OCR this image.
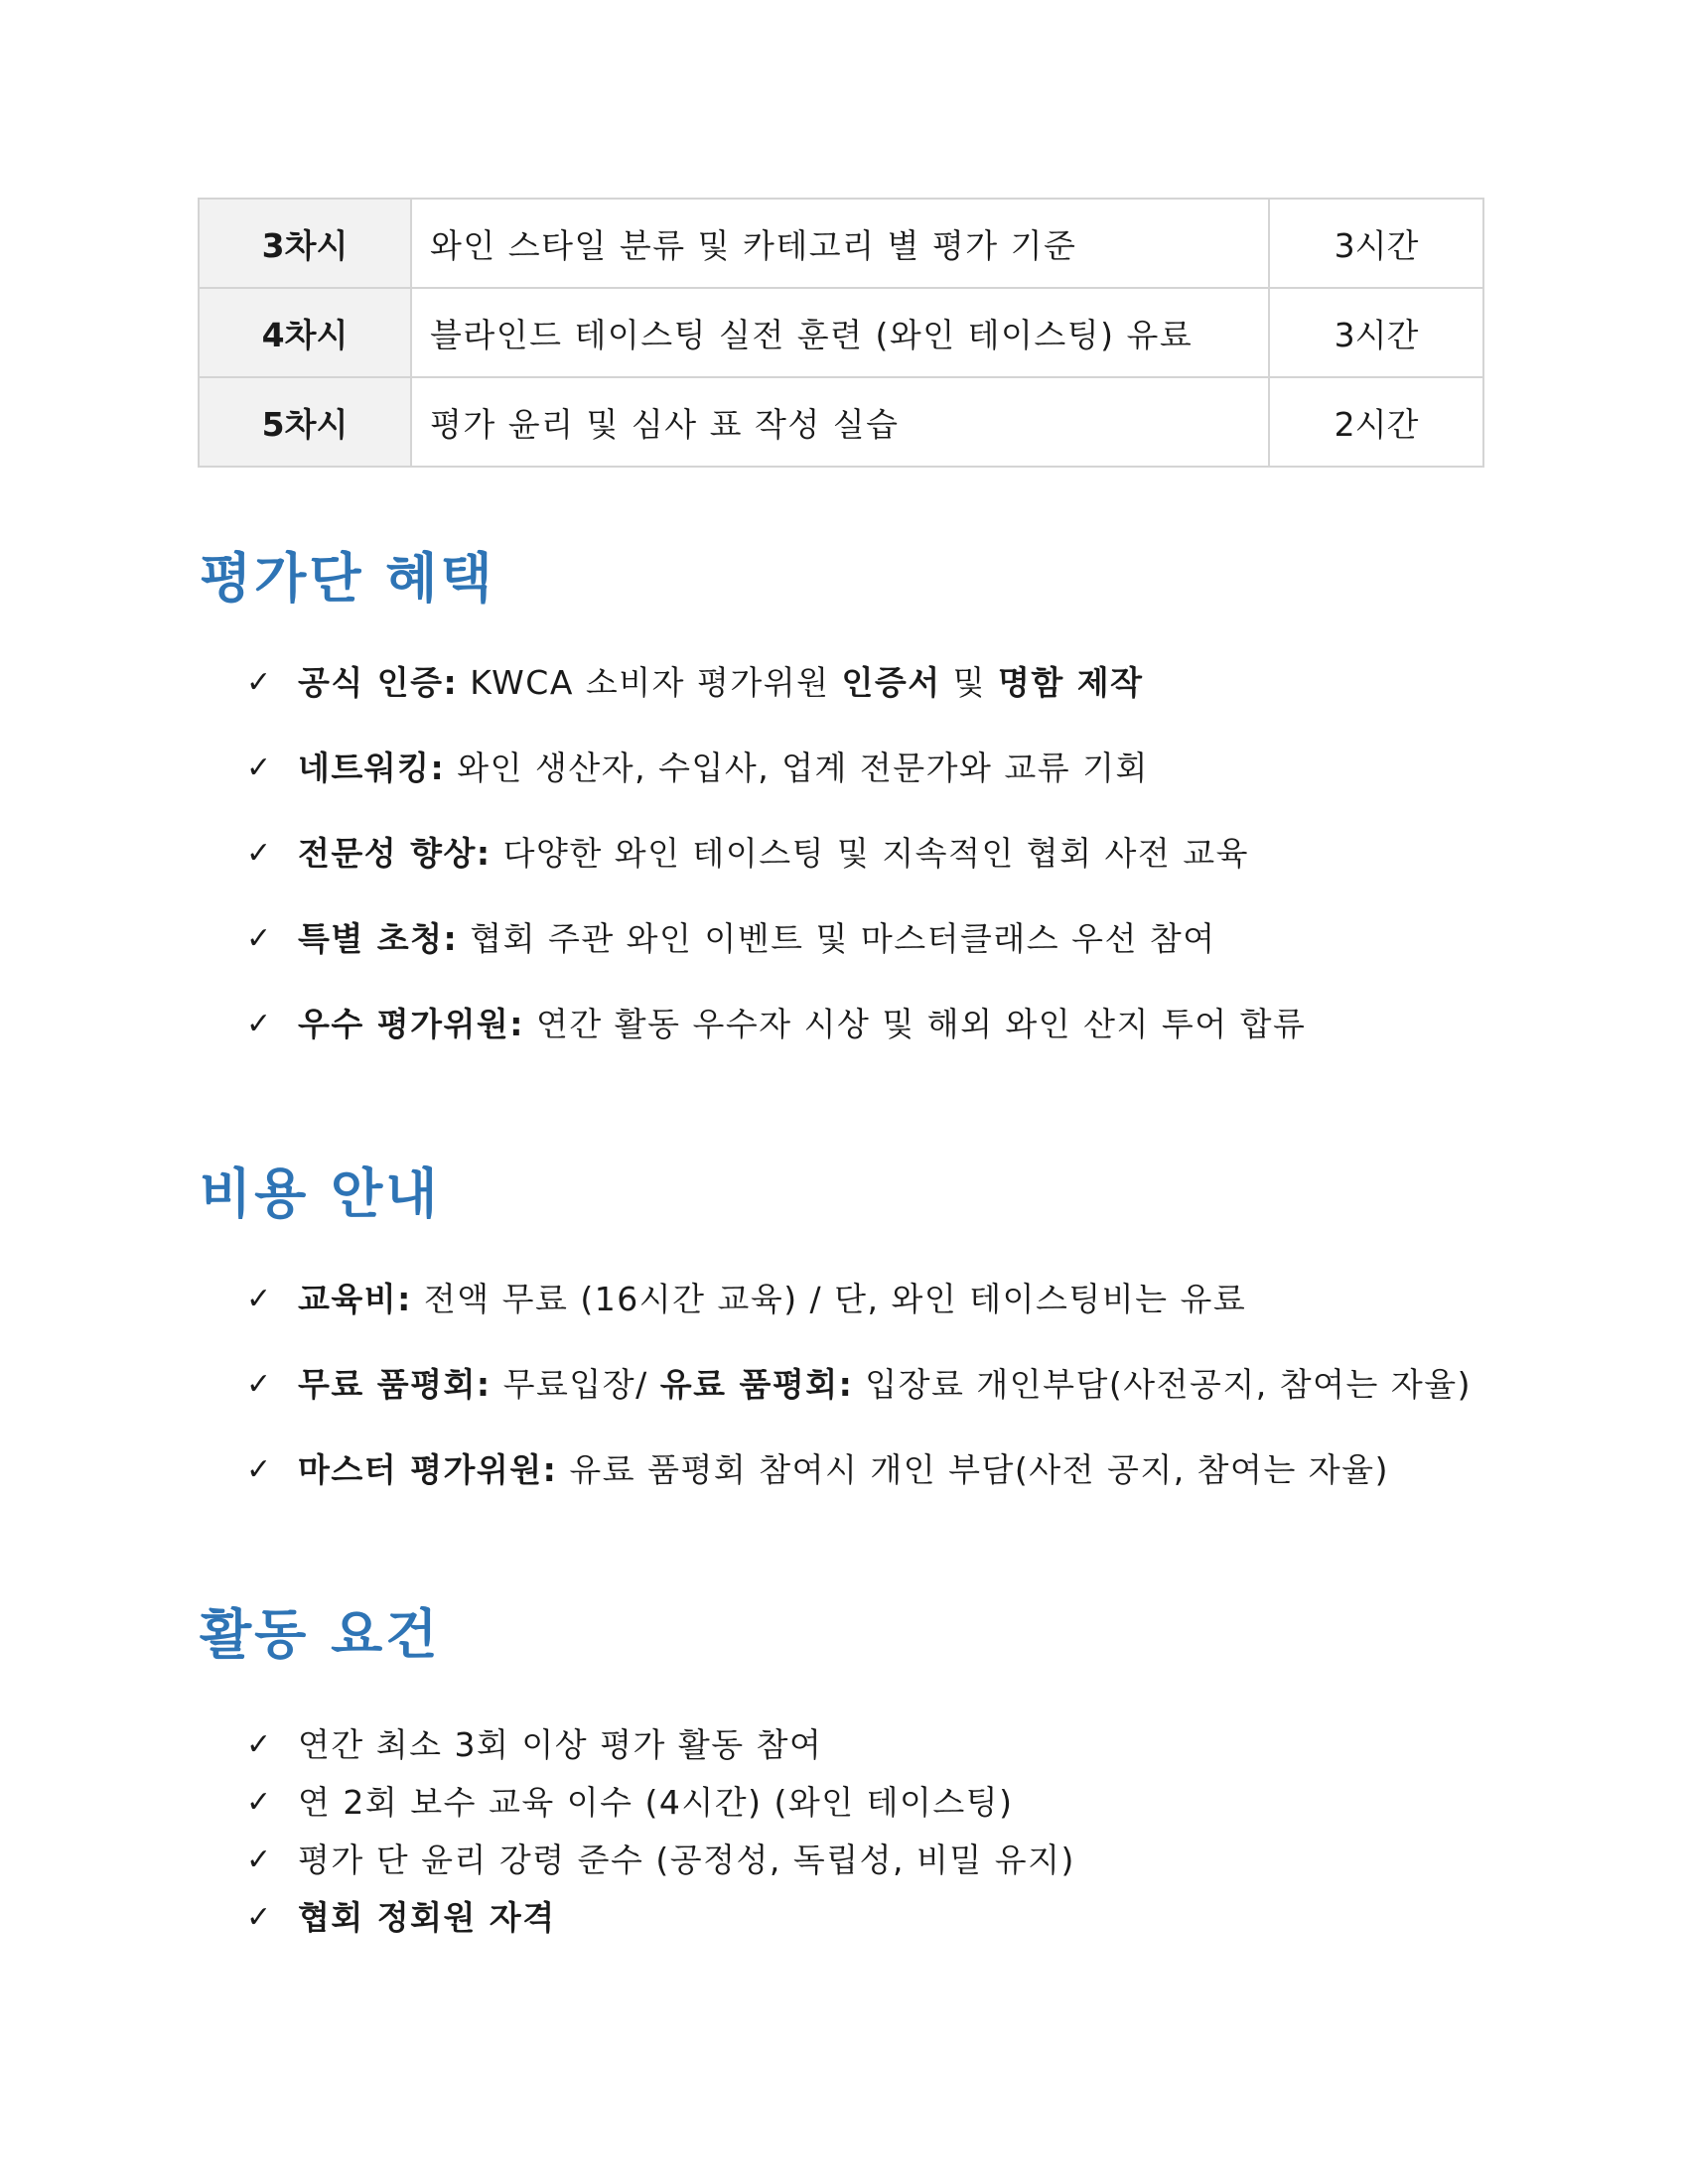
3차시	와인 스타일 분류 및 카테고리 별 평가 기준	3시간
4차시	블라인드 테이스팅 실전 훈련 (와인 테이스팅) 유료	3시간
5차시	평가 윤리 및 심사 표 작성 실습	2시간
평가단 혜택
✓ 공식 인증: KWCA 소비자 평가위원 인증서 및 명함 제작
✓ 네트워킹: 와인 생산자, 수입사, 업계 전문가와 교류 기회
✓ 전문성 향상: 다양한 와인 테이스팅 및 지속적인 협회 사전 교육
✓ 특별 초청: 협회 주관 와인 이벤트 및 마스터클래스 우선 참여
✓ 우수 평가위원: 연간 활동 우수자 시상 및 해외 와인 산지 투어 합류
비용 안내
✓ 교육비: 전액 무료 (16시간 교육) / 단, 와인 테이스팅비는 유료
✓ 무료 품평회: 무료입장/ 유료 품평회: 입장료 개인부담(사전공지, 참여는 자율)
✓ 마스터 평가위원: 유료 품평회 참여시 개인 부담(사전 공지, 참여는 자율)
활동 요건
✓ 연간 최소 3회 이상 평가 활동 참여
✓ 연 2회 보수 교육 이수 (4시간) (와인 테이스팅)
✓ 평가 단 윤리 강령 준수 (공정성, 독립성, 비밀 유지)
✓ 협회 정회원 자격
